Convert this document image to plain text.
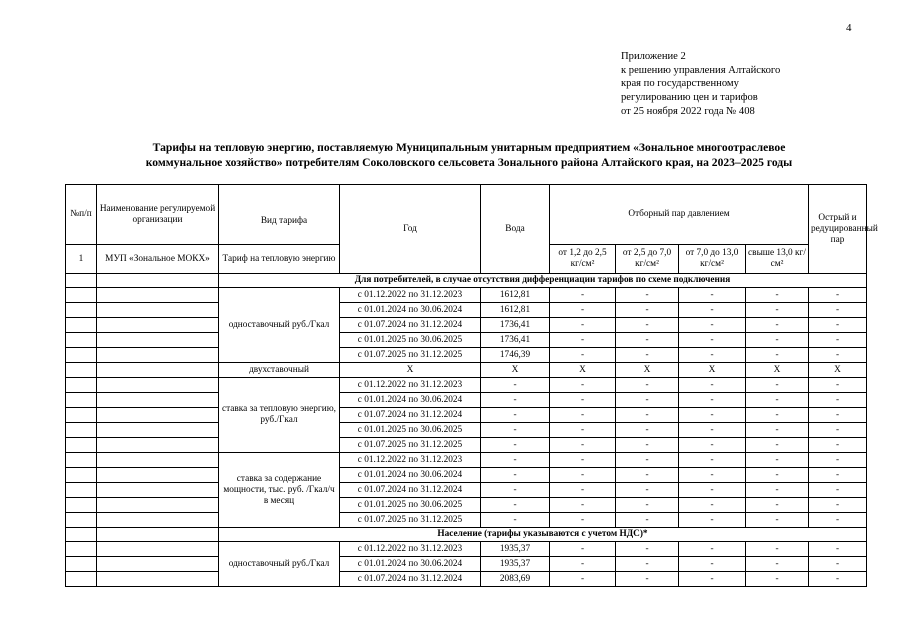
4
Приложение 2
к решению управления Алтайского
края по государственному
регулированию цен и тарифов
от 25 ноября 2022 года № 408
Тарифы на тепловую энергию, поставляемую Муниципальным унитарным предприятием «Зональное многоотраслевое
коммунальное хозяйство» потребителям Соколовского сельсовета Зонального района Алтайского края, на 2023–2025 годы
№п/п	Наименование регулируемой организации	Вид тарифа	Год	Вода	Отборный пар давлением				Острый и редуцированный пар
1	МУП «Зональное МОКХ»	Тариф на тепловую энергию			от 1,2 до 2,5 кг/см²	от 2,5 до 7,0 кг/см²	от 7,0 до 13,0 кг/см²	свыше 13,0 кг/см²	
		Для потребителей, в случае отсутствия дифференциации тарифов по схеме подключения							
		одноставочный руб./Гкал	с 01.12.2022 по 31.12.2023	1612,81	-	-	-	-	-
			с 01.01.2024 по 30.06.2024	1612,81	-	-	-	-	-
			с 01.07.2024 по 31.12.2024	1736,41	-	-	-	-	-
			с 01.01.2025 по 30.06.2025	1736,41	-	-	-	-	-
			с 01.07.2025 по 31.12.2025	1746,39	-	-	-	-	-
		двухставочный	X	X	X	X	X	X	X
		ставка за тепловую энергию, руб./Гкал	с 01.12.2022 по 31.12.2023	-	-	-	-	-	-
			с 01.01.2024 по 30.06.2024	-	-	-	-	-	-
			с 01.07.2024 по 31.12.2024	-	-	-	-	-	-
			с 01.01.2025 по 30.06.2025	-	-	-	-	-	-
			с 01.07.2025 по 31.12.2025	-	-	-	-	-	-
		ставка за содержание мощности, тыс. руб. /Гкал/ч в месяц	с 01.12.2022 по 31.12.2023	-	-	-	-	-	-
			с 01.01.2024 по 30.06.2024	-	-	-	-	-	-
			с 01.07.2024 по 31.12.2024	-	-	-	-	-	-
			с 01.01.2025 по 30.06.2025	-	-	-	-	-	-
			с 01.07.2025 по 31.12.2025	-	-	-	-	-	-
		Население (тарифы указываются с учетом НДС)*							
		одноставочный руб./Гкал	с 01.12.2022 по 31.12.2023	1935,37	-	-	-	-	-
			с 01.01.2024 по 30.06.2024	1935,37	-	-	-	-	-
			с 01.07.2024 по 31.12.2024	2083,69	-	-	-	-	-
